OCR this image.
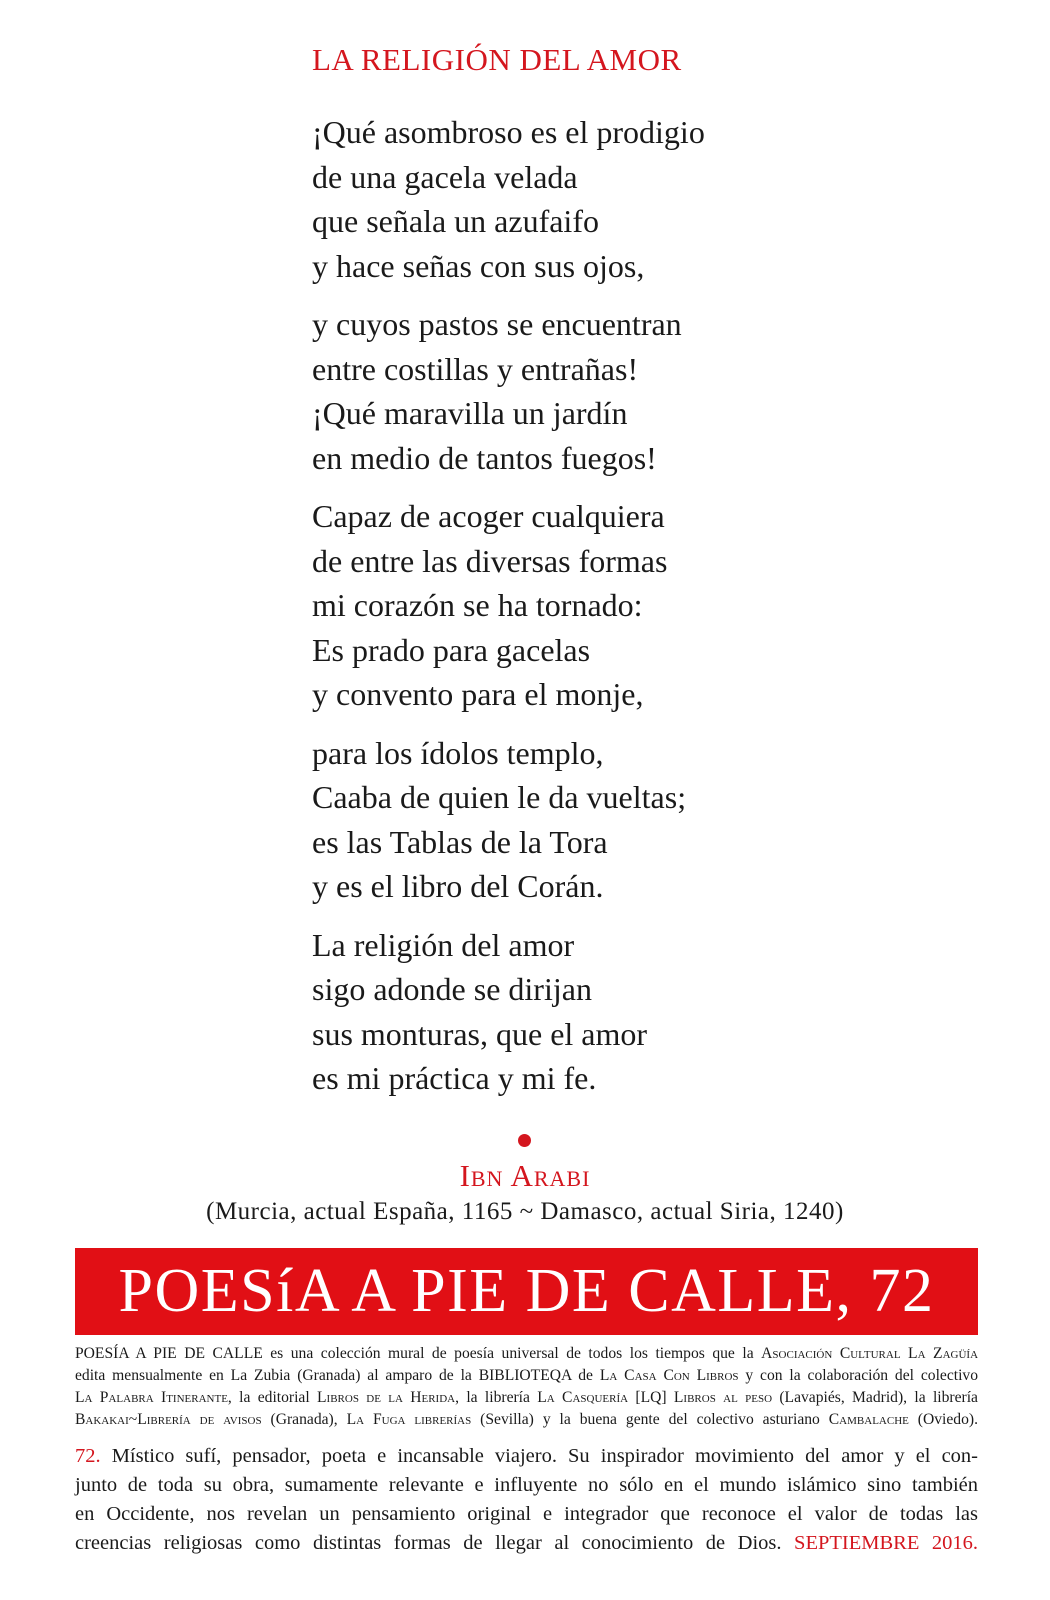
LA RELIGIÓN DEL AMOR
¡Qué asombroso es el prodigio
de una gacela velada
que señala un azufaifo
y hace señas con sus ojos,
y cuyos pastos se encuentran
entre costillas y entrañas!
¡Qué maravilla un jardín
en medio de tantos fuegos!
Capaz de acoger cualquiera
de entre las diversas formas
mi corazón se ha tornado:
Es prado para gacelas
y convento para el monje,
para los ídolos templo,
Caaba de quien le da vueltas;
es las Tablas de la Tora
y es el libro del Corán.
La religión del amor
sigo adonde se dirijan
sus monturas, que el amor
es mi práctica y mi fe.
Ibn Arabi
(Murcia, actual España, 1165 ~ Damasco, actual Siria, 1240)
POESíA A PIE DE CALLE, 72
POESÍA A PIE DE CALLE es una colección mural de poesía universal de todos los tiempos que la Asociación Cultural La Zagüía
edita mensualmente en La Zubia (Granada) al amparo de la BIBLIOTEQA de La Casa Con Libros y con la colaboración del colectivo
La Palabra Itinerante, la editorial Libros de la Herida, la librería La Casquería [LQ] Libros al peso (Lavapiés, Madrid), la librería
Bakakai~Librería de avisos (Granada), La Fuga librerías (Sevilla) y la buena gente del colectivo asturiano Cambalache (Oviedo).
72. Místico sufí, pensador, poeta e incansable viajero. Su inspirador movimiento del amor y el con-
junto de toda su obra, sumamente relevante e influyente no sólo en el mundo islámico sino también
en Occidente, nos revelan un pensamiento original e integrador que reconoce el valor de todas las
creencias religiosas como distintas formas de llegar al conocimiento de Dios. SEPTIEMBRE 2016.
